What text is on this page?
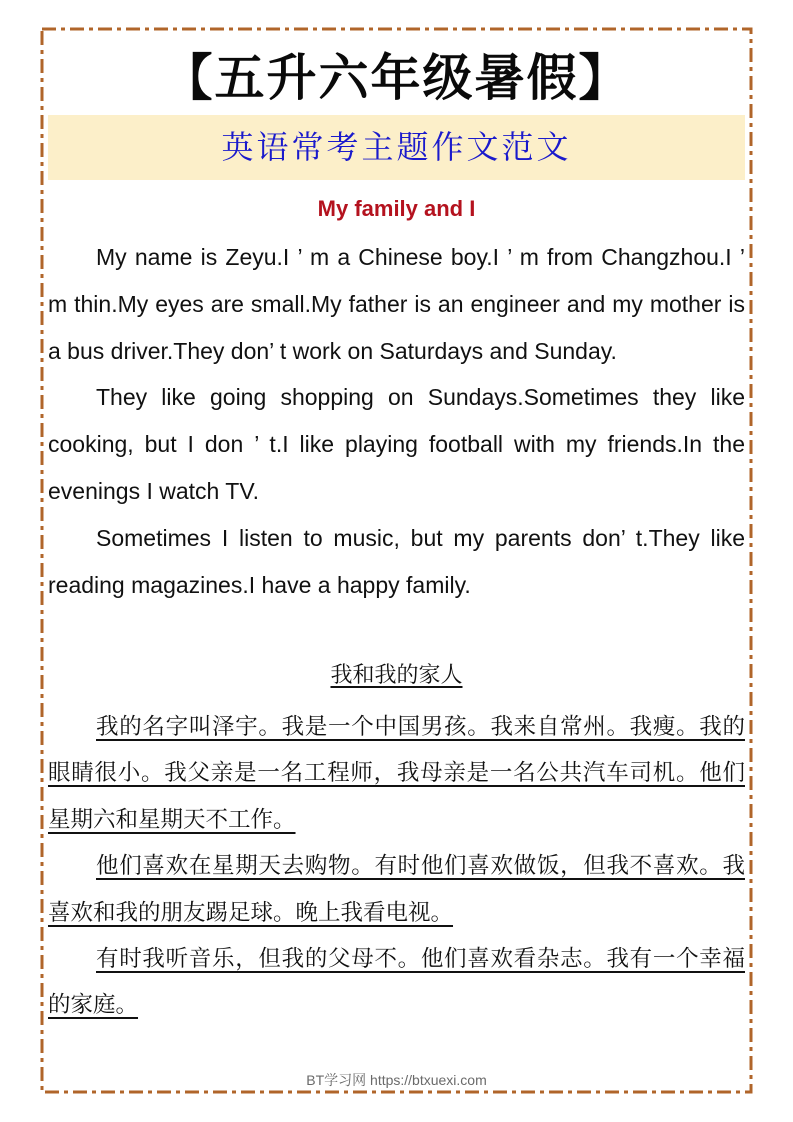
【五升六年级暑假】
英语常考主题作文范文
My family and I

My name is Zeyu.I ’ m a Chinese boy.I ’ m from Changzhou.I ’ m thin.My eyes are small.My father is an engineer and my mother is a bus driver.They don’ t work on Saturdays and Sunday.

They like going shopping on Sundays.Sometimes they like cooking, but I don ’ t.I like playing football with my friends.In the evenings I watch TV.

Sometimes I listen to music, but my parents don’ t.They like reading magazines.I have a happy family.

我和我的家人

我的名字叫泽宇。我是一个中国男孩。我来自常州。我瘦。我的眼睛很小。我父亲是一名工程师，我母亲是一名公共汽车司机。他们星期六和星期天不工作。

他们喜欢在星期天去购物。有时他们喜欢做饭，但我不喜欢。我喜欢和我的朋友踢足球。晚上我看电视。

有时我听音乐，但我的父母不。他们喜欢看杂志。我有一个幸福的家庭。

BT学习网 https://btxuexi.com
